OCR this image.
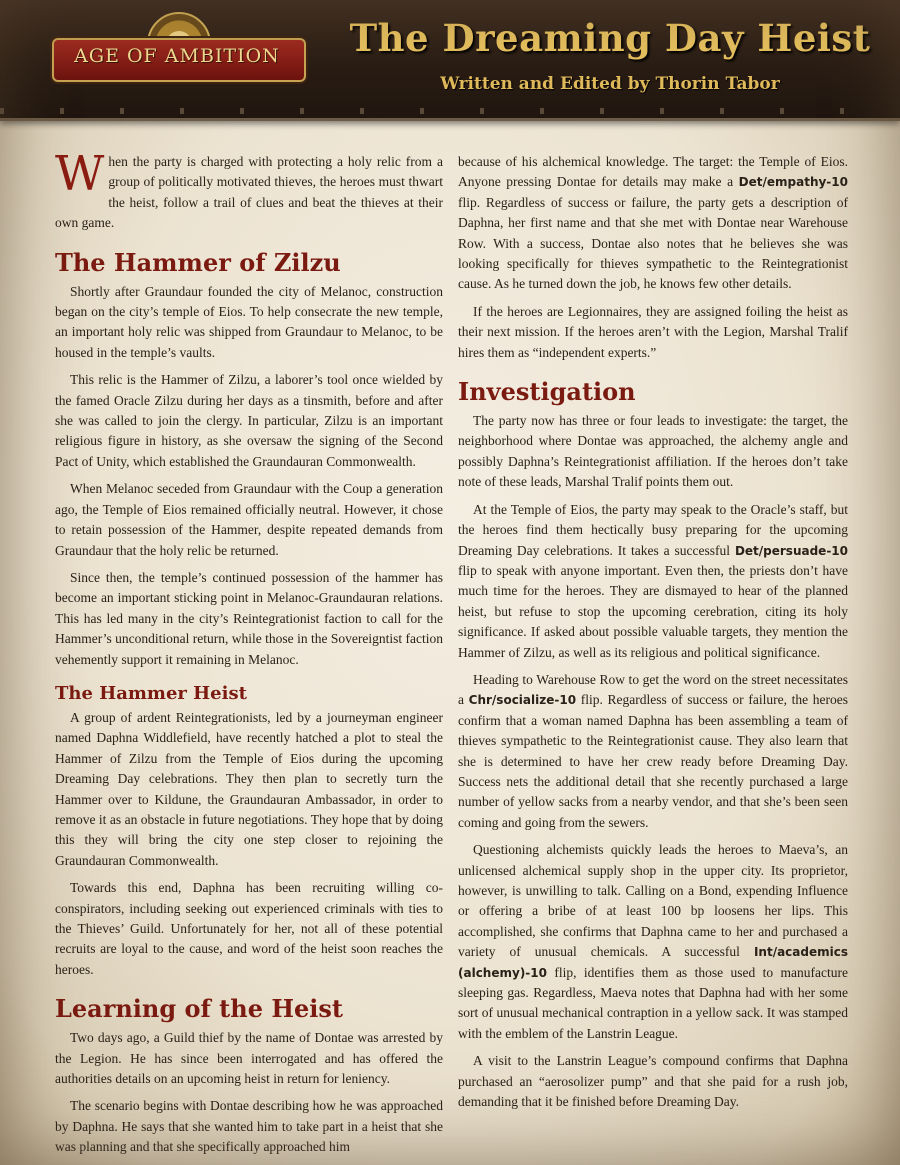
AGE OF AMBITION	The Dreaming Day Heist
Written and Edited by Thorin Tabor

When the party is charged with protecting a holy relic from a group of politically motivated thieves, the heroes must thwart the heist, follow a trail of clues and beat the thieves at their own game.

The Hammer of Zilzu

Shortly after Graundaur founded the city of Melanoc, construction began on the city’s temple of Eios. To help consecrate the new temple, an important holy relic was shipped from Graundaur to Melanoc, to be housed in the temple’s vaults.

This relic is the Hammer of Zilzu, a laborer’s tool once wielded by the famed Oracle Zilzu during her days as a tinsmith, before and after she was called to join the clergy. In particular, Zilzu is an important religious figure in history, as she oversaw the signing of the Second Pact of Unity, which established the Graundauran Commonwealth.

When Melanoc seceded from Graundaur with the Coup a generation ago, the Temple of Eios remained officially neutral. However, it chose to retain possession of the Hammer, despite repeated demands from Graundaur that the holy relic be returned.

Since then, the temple’s continued possession of the hammer has become an important sticking point in Melanoc-Graundauran relations. This has led many in the city’s Reintegrationist faction to call for the Hammer’s unconditional return, while those in the Sovereigntist faction vehemently support it remaining in Melanoc.

The Hammer Heist

A group of ardent Reintegrationists, led by a journeyman engineer named Daphna Widdlefield, have recently hatched a plot to steal the Hammer of Zilzu from the Temple of Eios during the upcoming Dreaming Day celebrations. They then plan to secretly turn the Hammer over to Kildune, the Graundauran Ambassador, in order to remove it as an obstacle in future negotiations. They hope that by doing this they will bring the city one step closer to rejoining the Graundauran Commonwealth.

Towards this end, Daphna has been recruiting willing co-conspirators, including seeking out experienced criminals with ties to the Thieves’ Guild. Unfortunately for her, not all of these potential recruits are loyal to the cause, and word of the heist soon reaches the heroes.

Learning of the Heist

Two days ago, a Guild thief by the name of Dontae was arrested by the Legion. He has since been interrogated and has offered the authorities details on an upcoming heist in return for leniency.

The scenario begins with Dontae describing how he was approached by Daphna. He says that she wanted him to take part in a heist that she was planning and that she specifically approached him

because of his alchemical knowledge. The target: the Temple of Eios. Anyone pressing Dontae for details may make a Det/empathy-10 flip. Regardless of success or failure, the party gets a description of Daphna, her first name and that she met with Dontae near Warehouse Row. With a success, Dontae also notes that he believes she was looking specifically for thieves sympathetic to the Reintegrationist cause. As he turned down the job, he knows few other details.

If the heroes are Legionnaires, they are assigned foiling the heist as their next mission. If the heroes aren’t with the Legion, Marshal Tralif hires them as “independent experts.”

Investigation

The party now has three or four leads to investigate: the target, the neighborhood where Dontae was approached, the alchemy angle and possibly Daphna’s Reintegrationist affiliation. If the heroes don’t take note of these leads, Marshal Tralif points them out.

At the Temple of Eios, the party may speak to the Oracle’s staff, but the heroes find them hectically busy preparing for the upcoming Dreaming Day celebrations. It takes a successful Det/persuade-10 flip to speak with anyone important. Even then, the priests don’t have much time for the heroes. They are dismayed to hear of the planned heist, but refuse to stop the upcoming cerebration, citing its holy significance. If asked about possible valuable targets, they mention the Hammer of Zilzu, as well as its religious and political significance.

Heading to Warehouse Row to get the word on the street necessitates a Chr/socialize-10 flip. Regardless of success or failure, the heroes confirm that a woman named Daphna has been assembling a team of thieves sympathetic to the Reintegrationist cause. They also learn that she is determined to have her crew ready before Dreaming Day. Success nets the additional detail that she recently purchased a large number of yellow sacks from a nearby vendor, and that she’s been seen coming and going from the sewers.

Questioning alchemists quickly leads the heroes to Maeva’s, an unlicensed alchemical supply shop in the upper city. Its proprietor, however, is unwilling to talk. Calling on a Bond, expending Influence or offering a bribe of at least 100 bp loosens her lips. This accomplished, she confirms that Daphna came to her and purchased a variety of unusual chemicals. A successful Int/academics (alchemy)-10 flip, identifies them as those used to manufacture sleeping gas. Regardless, Maeva notes that Daphna had with her some sort of unusual mechanical contraption in a yellow sack. It was stamped with the emblem of the Lanstrin League.

A visit to the Lanstrin League’s compound confirms that Daphna purchased an “aerosolizer pump” and that she paid for a rush job, demanding that it be finished before Dreaming Day.
